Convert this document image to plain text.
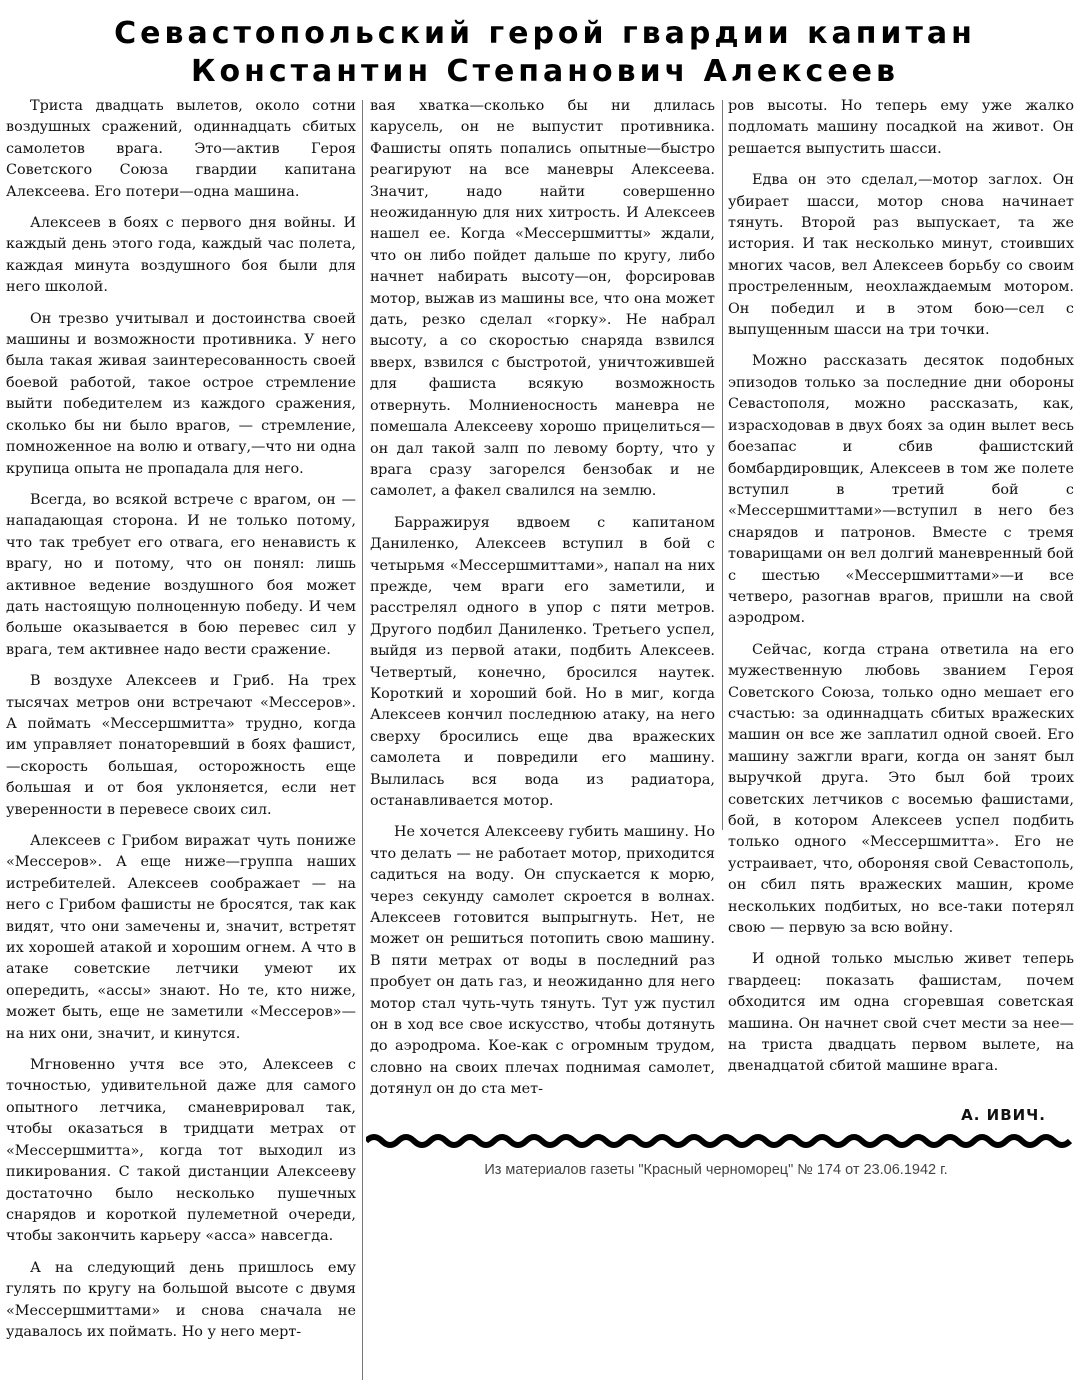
Севастопольский герой гвардии капитан
Константин Степанович Алексеев

Триста двадцать вылетов, около сотни воздушных сражений, одиннадцать сбитых самолетов врага. Это—актив Героя Советского Союза гвардии капитана Алексеева. Его потери—одна машина.

Алексеев в боях с первого дня войны. И каждый день этого года, каждый час полета, каждая минута воздушного боя были для него школой.

Он трезво учитывал и достоинства своей машины и возможности противника. У него была такая живая заинтересованность своей боевой работой, такое острое стремление выйти победителем из каждого сражения, сколько бы ни было врагов, — стремление, помноженное на волю и отвагу,—что ни одна крупица опыта не пропадала для него.

Всегда, во всякой встрече с врагом, он —нападающая сторона. И не только потому, что так требует его отвага, его ненависть к врагу, но и потому, что он понял: лишь активное ведение воздушного боя может дать настоящую полноценную победу. И чем больше оказывается в бою перевес сил у врага, тем активнее надо вести сражение.

В воздухе Алексеев и Гриб. На трех тысячах метров они встречают «Мессеров». А поймать «Мессершмитта» трудно, когда им управляет понаторевший в боях фашист,—скорость большая, осторожность еще большая и от боя уклоняется, если нет уверенности в перевесе своих сил.

Алексеев с Грибом виражат чуть пониже «Мессеров». А еще ниже—группа наших истребителей. Алексеев соображает — на него с Грибом фашисты не бросятся, так как видят, что они замечены и, значит, встретят их хорошей атакой и хорошим огнем. А что в атаке советские летчики умеют их опередить, «ассы» знают. Но те, кто ниже, может быть, еще не заметили «Мессеров»—на них они, значит, и кинутся.

Мгновенно учтя все это, Алексеев с точностью, удивительной даже для самого опытного летчика, сманеврировал так, чтобы оказаться в тридцати метрах от «Мессершмитта», когда тот выходил из пикирования. С такой дистанции Алексееву достаточно было несколько пушечных снарядов и короткой пулеметной очереди, чтобы закончить карьеру «асса» навсегда.

А на следующий день пришлось ему гулять по кругу на большой высоте с двумя «Мессершмиттами» и снова сначала не удавалось их поймать. Но у него мерт-

вая хватка—сколько бы ни длилась карусель, он не выпустит противника. Фашисты опять попались опытные—быстро реагируют на все маневры Алексеева. Значит, надо найти совершенно неожиданную для них хитрость. И Алексеев нашел ее. Когда «Мессершмитты» ждали, что он либо пойдет дальше по кругу, либо начнет набирать высоту—он, форсировав мотор, выжав из машины все, что она может дать, резко сделал «горку». Не набрал высоту, а со скоростью снаряда взвился вверх, взвился с быстротой, уничтожившей для фашиста всякую возможность отвернуть. Молниеносность маневра не помешала Алексееву хорошо прицелиться—он дал такой залп по левому борту, что у врага сразу загорелся бензобак и не самолет, а факел свалился на землю.

Барражируя вдвоем с капитаном Даниленко, Алексеев вступил в бой с четырьмя «Мессершмиттами», напал на них прежде, чем враги его заметили, и расстрелял одного в упор с пяти метров. Другого подбил Даниленко. Третьего успел, выйдя из первой атаки, подбить Алексеев. Четвертый, конечно, бросился наутек. Короткий и хороший бой. Но в миг, когда Алексеев кончил последнюю атаку, на него сверху бросились еще два вражеских самолета и повредили его машину. Вылилась вся вода из радиатора, останавливается мотор.

Не хочется Алексееву губить машину. Но что делать — не работает мотор, приходится садиться на воду. Он спускается к морю, через секунду самолет скроется в волнах. Алексеев готовится выпрыгнуть. Нет, не может он решиться потопить свою машину. В пяти метрах от воды в последний раз пробует он дать газ, и неожиданно для него мотор стал чуть-чуть тянуть. Тут уж пустил он в ход все свое искусство, чтобы дотянуть до аэродрома. Кое-как с огромным трудом, словно на своих плечах поднимая самолет, дотянул он до ста мет-

ров высоты. Но теперь ему уже жалко подломать машину посадкой на живот. Он решается выпустить шасси.

Едва он это сделал,—мотор заглох. Он убирает шасси, мотор снова начинает тянуть. Второй раз выпускает, та же история. И так несколько минут, стоивших многих часов, вел Алексеев борьбу со своим простреленным, неохлаждаемым мотором. Он победил и в этом бою—сел с выпущенным шасси на три точки.

Можно рассказать десяток подобных эпизодов только за последние дни обороны Севастополя, можно рассказать, как, израсходовав в двух боях за один вылет весь боезапас и сбив фашистский бомбардировщик, Алексеев в том же полете вступил в третий бой с «Мессершмиттами»—вступил в него без снарядов и патронов. Вместе с тремя товарищами он вел долгий маневренный бой с шестью «Мессершмиттами»—и все четверо, разогнав врагов, пришли на свой аэродром.

Сейчас, когда страна ответила на его мужественную любовь званием Героя Советского Союза, только одно мешает его счастью: за одиннадцать сбитых вражеских машин он все же заплатил одной своей. Его машину зажгли враги, когда он занят был выручкой друга. Это был бой троих советских летчиков с восемью фашистами, бой, в котором Алексеев успел подбить только одного «Мессершмитта». Его не устраивает, что, обороняя свой Севастополь, он сбил пять вражеских машин, кроме нескольких подбитых, но все-таки потерял свою — первую за всю войну.

И одной только мыслью живет теперь гвардеец: показать фашистам, почем обходится им одна сгоревшая советская машина. Он начнет свой счет мести за нее—на триста двадцать первом вылете, на двенадцатой сбитой машине врага.

А. ИВИЧ.
Из материалов газеты "Красный черноморец" № 174 от 23.06.1942 г.
